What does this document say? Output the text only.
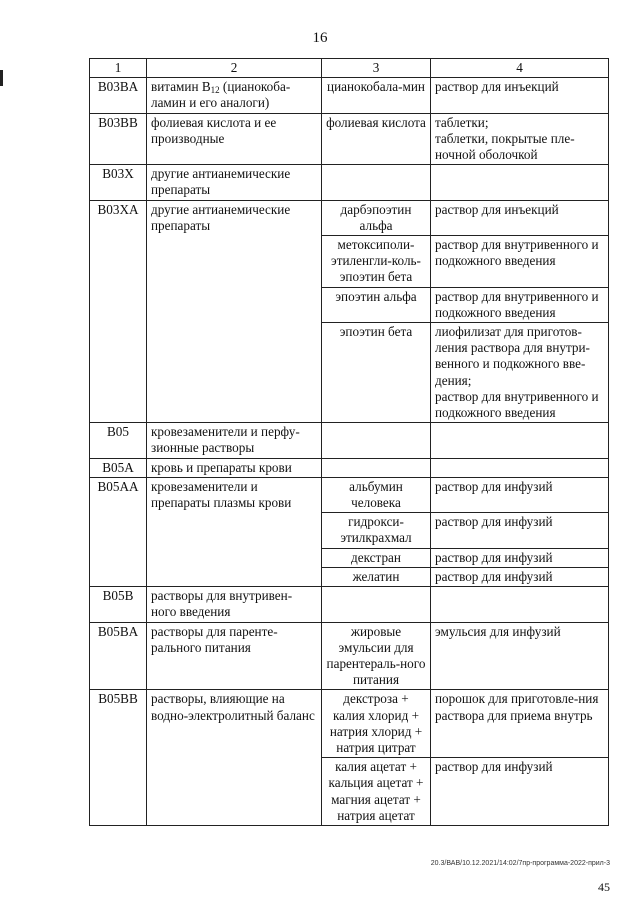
16
1	2	3	4
B03BA	витамин $B_{12}$ (цианокоба-ламин и его аналоги)	цианокобала-мин	раствор для инъекций
B03BB	фолиевая кислота и ее производные	фолиевая кислота	таблетки;
таблетки, покрытые пле-ночной оболочкой
B03X	другие антианемические препараты		
B03XA	другие антианемические препараты	дарбэпоэтин альфа	раствор для инъекций
		метоксиполи-этиленгли-коль-эпоэтин бета	раствор для внутривенного и подкожного введения
		эпоэтин альфа	раствор для внутривенного и подкожного введения
		эпоэтин бета	лиофилизат для приготов-ления раствора для внутри-венного и подкожного вве-дения;
раствор для внутривенного и подкожного введения
B05	кровезаменители и перфу-зионные растворы		
B05A	кровь и препараты крови		
B05AA	кровезаменители и препараты плазмы крови	альбумин человека	раствор для инфузий
		гидрокси-этилкрахмал	раствор для инфузий
		декстран	раствор для инфузий
		желатин	раствор для инфузий
B05B	растворы для внутривен-ного введения		
B05BA	растворы для парентe-рального питания	жировые эмульсии для парентераль-ного питания	эмульсия для инфузий
B05BB	растворы, влияющие на водно-электролитный баланс	декстроза + калия хлорид + натрия хлорид + натрия цитрат	порошок для приготовле-ния раствора для приема внутрь
		калия ацетат + кальция ацетат + магния ацетат + натрия ацетат	раствор для инфузий
20.3/ВАВ/10.12.2021/14:02/7пр-программа-2022-прил-3
45
